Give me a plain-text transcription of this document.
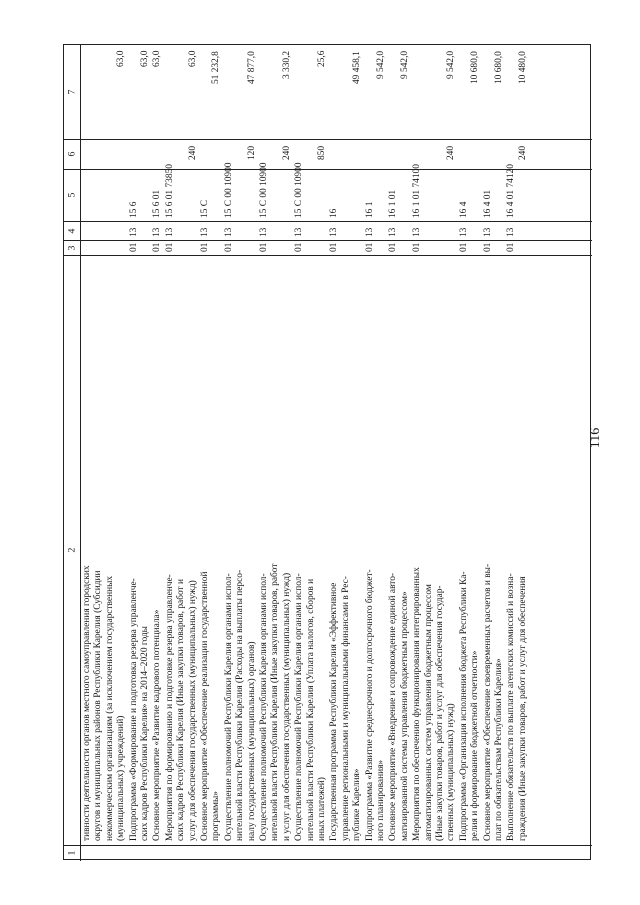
116
1
2
3
4
5
6
7
тивности деятельности органов местного самоуправления городских округов и муниципальных районов Республики Карелия (Субсидии некоммерческим организациям (за исключением государственных (муниципальных) учреждений)
63,0
Подпрограмма «Формирование и подготовка резерва управленче- ских кадров Республики Карелия» на 2014–2020 годы
01
13
15 6
63,0
Основное мероприятие «Развитие кадрового потенциала»
01
13
15 6 01
63,0
Мероприятия по формированию и подготовке резерва управленче- ских кадров Республики Карелия (Иные закупки товаров, работ и услуг для обеспечения государственных (муниципальных) нужд)
01
13
15 6 01 73850
240
63,0
Основное мероприятие «Обеспечение реализации государственной программы»
01
13
15 С
51 232,8
Осуществление полномочий Республики Карелия органами испол- нительной власти Республики Карелия (Расходы на выплаты персо- налу государственных (муниципальных) органов)
01
13
15 С 00 10900
120
47 877,0
Осуществление полномочий Республики Карелия органами испол- нительной власти Республики Карелия (Иные закупки товаров, работ и услуг для обеспечения государственных (муниципальных) нужд)
01
13
15 С 00 10900
240
3 330,2
Осуществление полномочий Республики Карелия органами испол- нительной власти Республики Карелия (Уплата налогов, сборов и иных платежей)
01
13
15 С 00 10900
850
25,6
Государственная программа Республики Карелия «Эффективное управление региональными и муниципальными финансами в Рес- публике Карелия»
01
13
16
49 458,1
Подпрограмма «Развитие среднесрочного и долгосрочного бюджет- ного планирования»
01
13
16 1
9 542,0
Основное мероприятие «Внедрение и сопровождение единой авто- матизированной системы управления бюджетным процессом»
01
13
16 1 01
9 542,0
Мероприятия по обеспечению функционирования интегрированных автоматизированных систем управления бюджетным процессом (Иные закупки товаров, работ и услуг для обеспечения государ- ственных (муниципальных) нужд)
01
13
16 1 01 74100
240
9 542,0
Подпрограмма «Организация исполнения бюджета Республики Ка- релия и формирование бюджетной отчетности»
01
13
16 4
10 680,0
Основное мероприятие «Обеспечение своевременных расчетов и вы- плат по обязательствам Республики Карелия»
01
13
16 4 01
10 680,0
Выполнение обязательств по выплате агентских комиссий и возна- граждения (Иные закупки товаров, работ и услуг для обеспечения
01
13
16 4 01 74120
240
10 480,0
